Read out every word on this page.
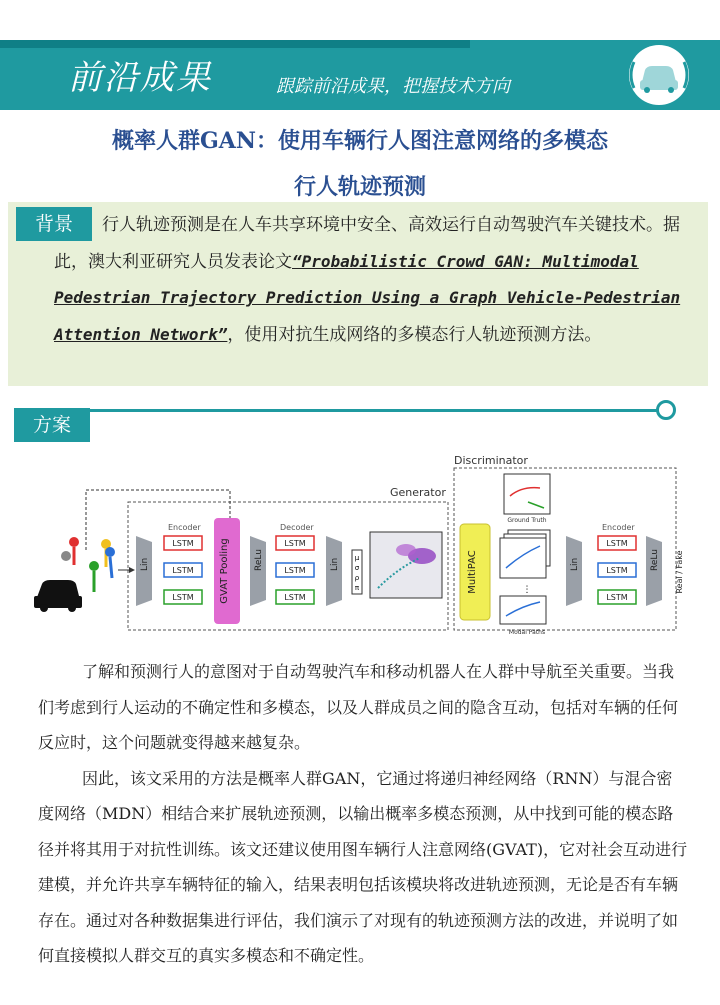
前沿成果	跟踪前沿成果，把握技术方向
概率人群GAN：使用车辆行人图注意网络的多模态
行人轨迹预测
背景	行人轨迹预测是在人车共享环境中安全、高效运行自动驾驶汽车关键技术。据此，澳大利亚研究人员发表论文“Probabilistic Crowd GAN: Multimodal Pedestrian Trajectory Prediction Using a Graph Vehicle-Pedestrian Attention Network”，使用对抗生成网络的多模态行人轨迹预测方法。
方案
Discriminator
Generator
Lin
Encoder
LSTM
LSTM
LSTM	GVAT Pooling	ReLu
Decoder
LSTM
LSTM
LSTM
Lin μ
σ
ρ
π	MultiPAC
Ground Truth
⋮
Modal Paths
Lin
Encoder
LSTM
LSTM
LSTM
ReLu Real / Fake

了解和预测行人的意图对于自动驾驶汽车和移动机器人在人群中导航至关重要。当我们考虑到行人运动的不确定性和多模态，以及人群成员之间的隐含互动，包括对车辆的任何反应时，这个问题就变得越来越复杂。

因此，该文采用的方法是概率人群GAN，它通过将递归神经网络（RNN）与混合密度网络（MDN）相结合来扩展轨迹预测，以输出概率多模态预测，从中找到可能的模态路径并将其用于对抗性训练。该文还建议使用图车辆行人注意网络(GVAT)，它对社会互动进行建模，并允许共享车辆特征的输入，结果表明包括该模块将改进轨迹预测，无论是否有车辆存在。通过对各种数据集进行评估，我们演示了对现有的轨迹预测方法的改进，并说明了如何直接模拟人群交互的真实多模态和不确定性。
